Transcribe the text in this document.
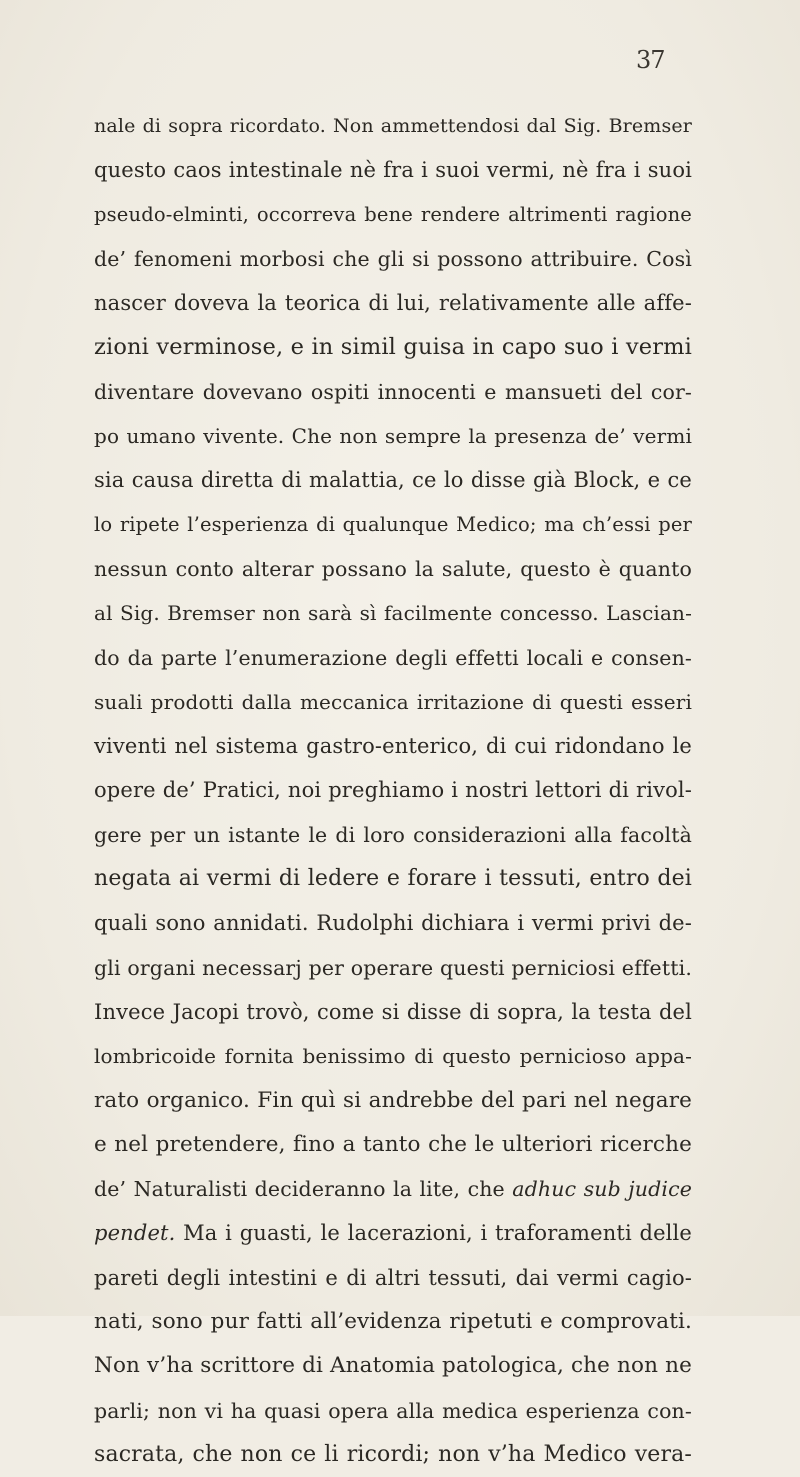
37
nale di sopra ricordato. Non ammettendosi dal Sig. Bremser
questo caos intestinale nè fra i suoi vermi, nè fra i suoi
pseudo-elminti, occorreva bene rendere altrimenti ragione
de’ fenomeni morbosi che gli si possono attribuire. Così
nascer doveva la teorica di lui, relativamente alle affe-
zioni verminose, e in simil guisa in capo suo i vermi
diventare dovevano ospiti innocenti e mansueti del cor-
po umano vivente. Che non sempre la presenza de’ vermi
sia causa diretta di malattia, ce lo disse già Block, e ce
lo ripete l’esperienza di qualunque Medico; ma ch’essi per
nessun conto alterar possano la salute, questo è quanto
al Sig. Bremser non sarà sì facilmente concesso. Lascian-
do da parte l’enumerazione degli effetti locali e consen-
suali prodotti dalla meccanica irritazione di questi esseri
viventi nel sistema gastro-enterico, di cui ridondano le
opere de’ Pratici, noi preghiamo i nostri lettori di rivol-
gere per un istante le di loro considerazioni alla facoltà
negata ai vermi di ledere e forare i tessuti, entro dei
quali sono annidati. Rudolphi dichiara i vermi privi de-
gli organi necessarj per operare questi perniciosi effetti.
Invece Jacopi trovò, come si disse di sopra, la testa del
lombricoide fornita benissimo di questo pernicioso appa-
rato organico. Fin quì si andrebbe del pari nel negare
e nel pretendere, fino a tanto che le ulteriori ricerche
de’ Naturalisti decideranno la lite, che adhuc sub judice
pendet. Ma i guasti, le lacerazioni, i traforamenti delle
pareti degli intestini e di altri tessuti, dai vermi cagio-
nati, sono pur fatti all’evidenza ripetuti e comprovati.
Non v’ha scrittore di Anatomia patologica, che non ne
parli; non vi ha quasi opera alla medica esperienza con-
sacrata, che non ce li ricordi; non v’ha Medico vera-
